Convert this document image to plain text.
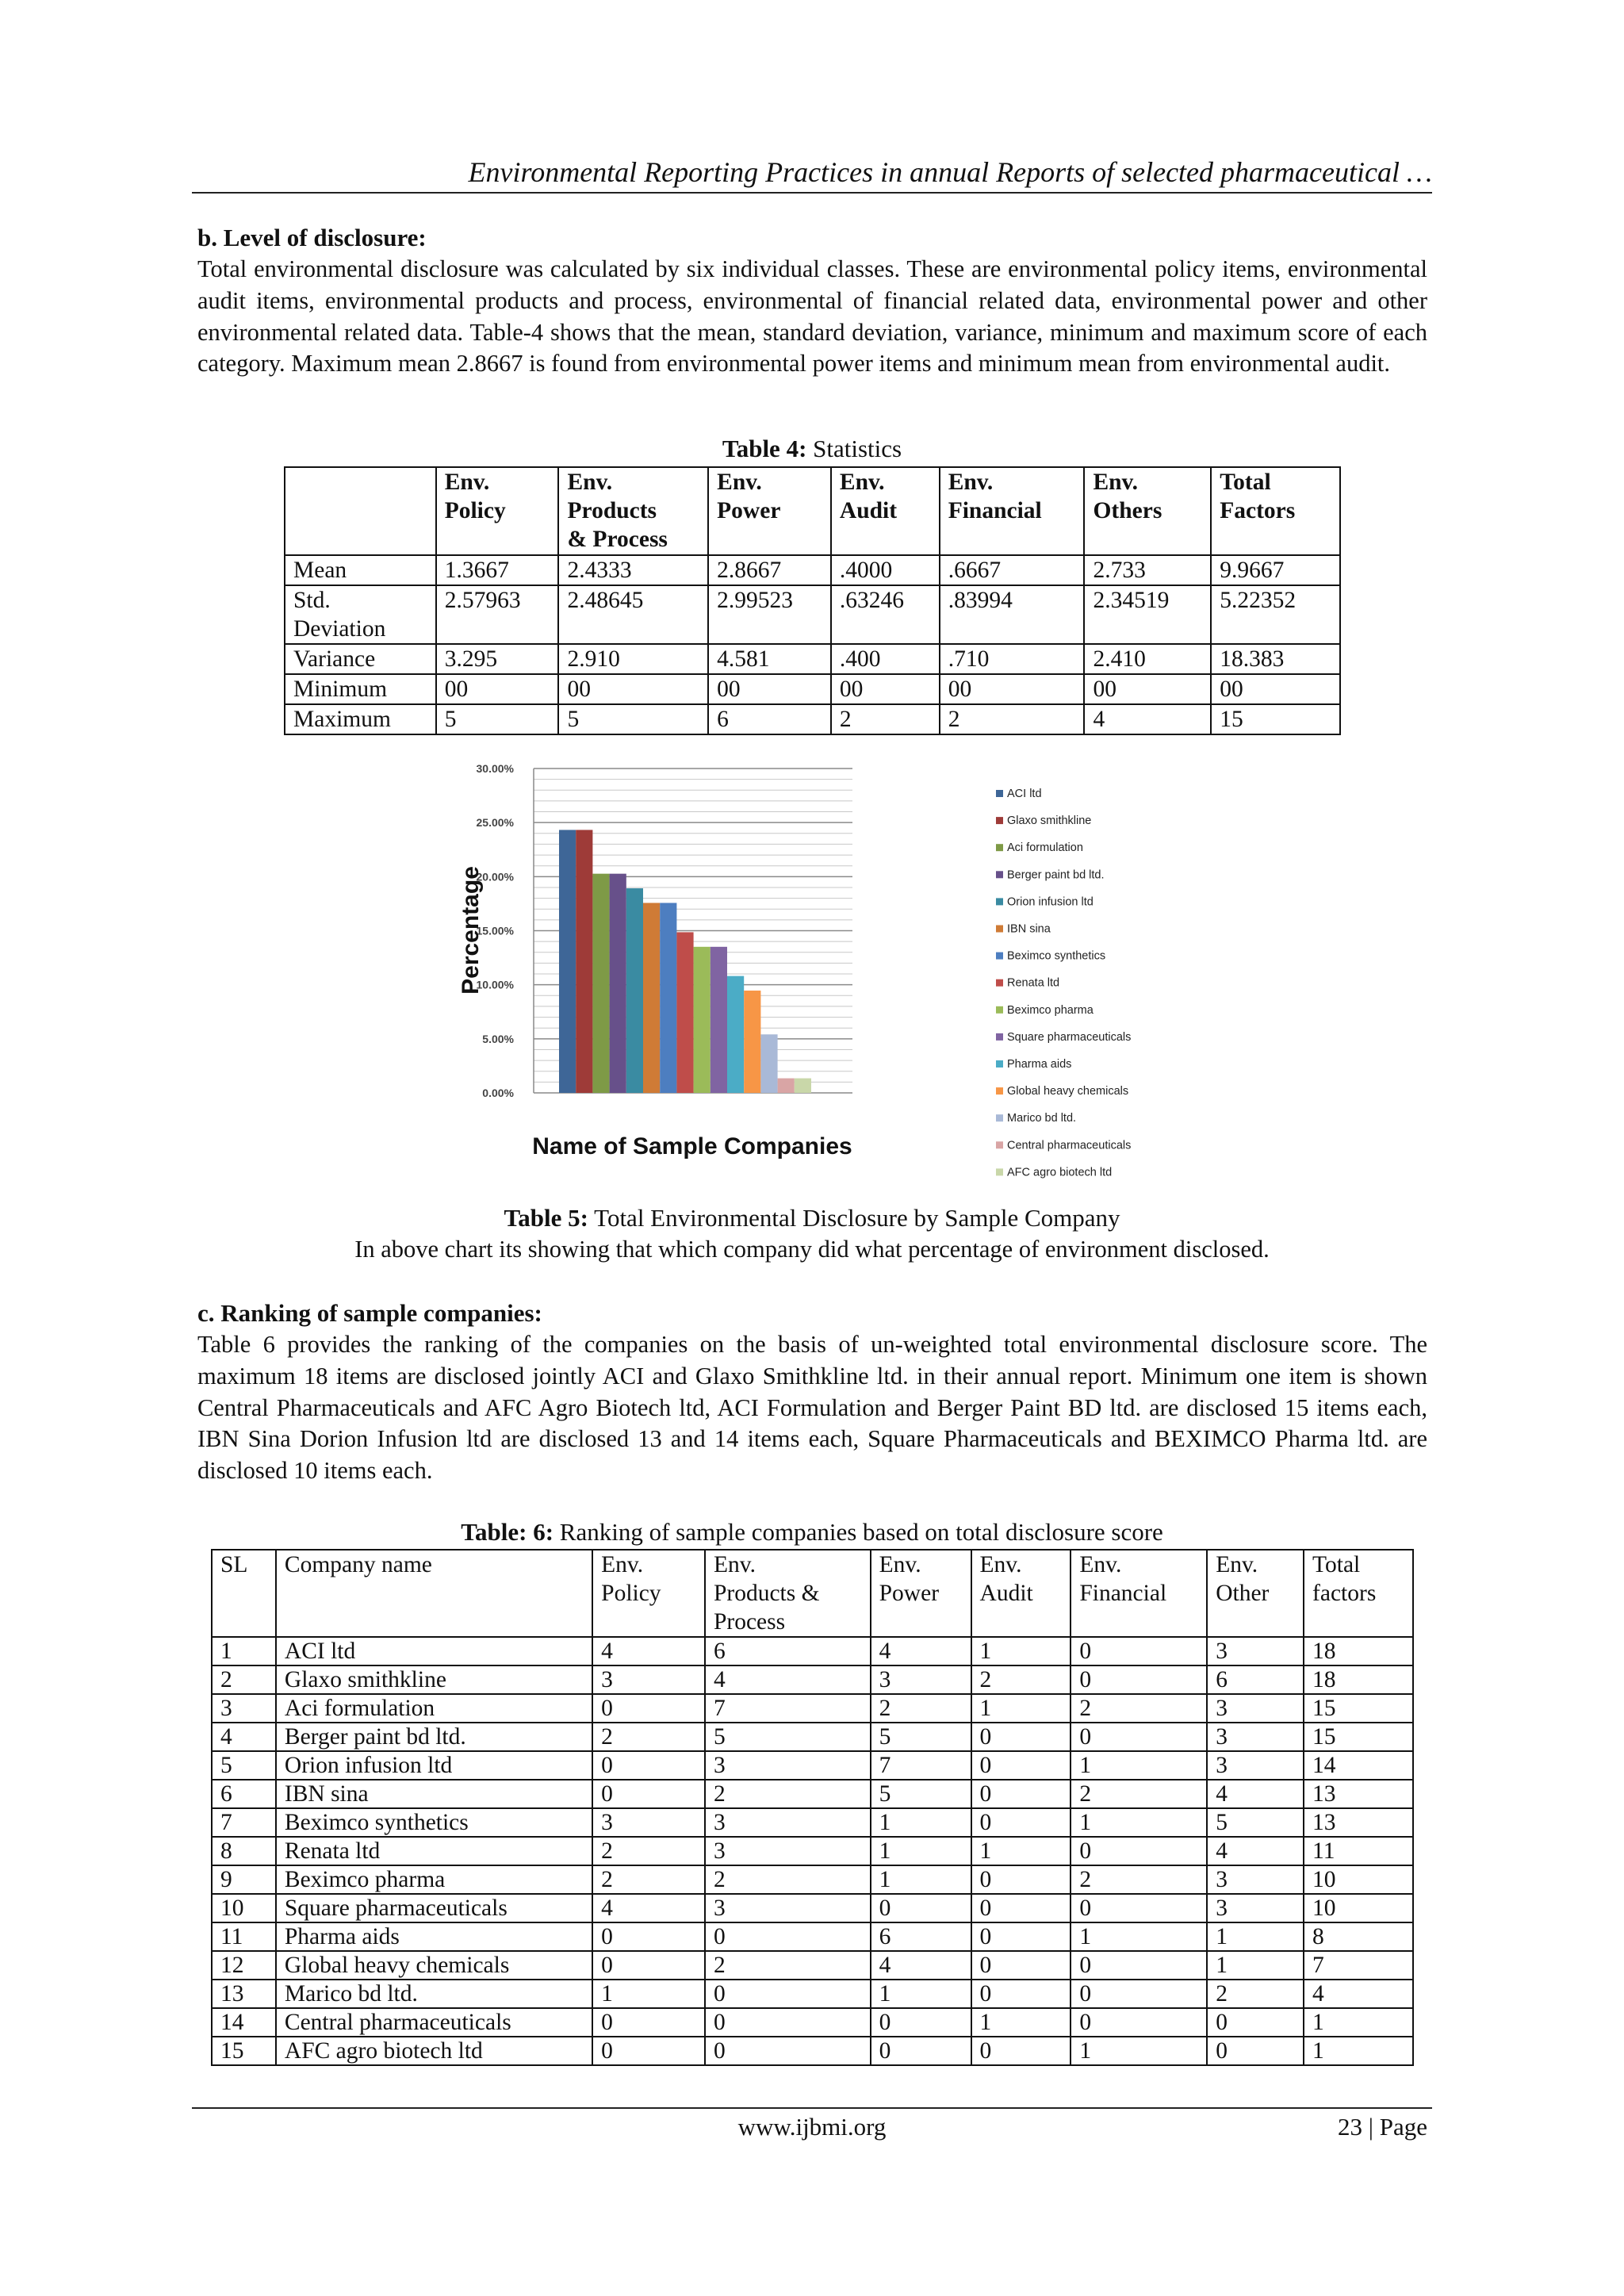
Environmental Reporting Practices in annual Reports of selected pharmaceutical …
b. Level of disclosure:
Total environmental disclosure was calculated by six individual classes. These are environmental policy items, environmental audit items, environmental products and process, environmental of financial related data, environmental power and other environmental related data. Table-4 shows that the mean, standard deviation, variance, minimum and maximum score of each category. Maximum mean 2.8667 is found from environmental power items and minimum mean from environmental audit.
Table 4: Statistics
	Env.
Policy	Env.
Products
& Process	Env.
Power	Env.
Audit	Env.
Financial	Env.
Others	Total
Factors
Mean	1.3667	2.4333	2.8667	.4000	.6667	2.733	9.9667
Std.
Deviation	2.57963	2.48645	2.99523	.63246	.83994	2.34519	5.22352
Variance	3.295	2.910	4.581	.400	.710	2.410	18.383
Minimum	00	00	00	00	00	00	00
Maximum	5	5	6	2	2	4	15
0.00%
5.00%
10.00%
15.00%
20.00%
25.00%
30.00%
ACI ltd
Glaxo smithkline
Aci formulation
Berger paint bd ltd.
Orion infusion ltd
IBN sina
Beximco synthetics
Renata ltd
Beximco pharma
Square pharmaceuticals
Pharma aids
Global heavy chemicals
Marico bd ltd.
Central pharmaceuticals
AFC agro biotech ltd
Percentage
Name of Sample Companies
Table 5: Total Environmental Disclosure by Sample Company
In above chart its showing that which company did what percentage of environment disclosed.
c. Ranking of sample companies:
Table 6 provides the ranking of the companies on the basis of un-weighted total environmental disclosure score. The maximum 18 items are disclosed jointly ACI and Glaxo Smithkline ltd. in their annual report. Minimum one item is shown Central Pharmaceuticals and AFC Agro Biotech ltd, ACI Formulation and Berger Paint BD ltd. are disclosed 15 items each, IBN Sina Dorion Infusion ltd are disclosed 13 and 14 items each, Square Pharmaceuticals and BEXIMCO Pharma ltd. are disclosed 10 items each.
Table: 6: Ranking of sample companies based on total disclosure score
SL	Company name	Env.
Policy	Env.
Products &
Process	Env.
Power	Env.
Audit	Env.
Financial	Env.
Other	Total
factors
1	ACI ltd	4	6	4	1	0	3	18
2	Glaxo smithkline	3	4	3	2	0	6	18
3	Aci formulation	0	7	2	1	2	3	15
4	Berger paint bd ltd.	2	5	5	0	0	3	15
5	Orion infusion ltd	0	3	7	0	1	3	14
6	IBN sina	0	2	5	0	2	4	13
7	Beximco synthetics	3	3	1	0	1	5	13
8	Renata ltd	2	3	1	1	0	4	11
9	Beximco pharma	2	2	1	0	2	3	10
10	Square pharmaceuticals	4	3	0	0	0	3	10
11	Pharma aids	0	0	6	0	1	1	8
12	Global heavy chemicals	0	2	4	0	0	1	7
13	Marico bd ltd.	1	0	1	0	0	2	4
14	Central pharmaceuticals	0	0	0	1	0	0	1
15	AFC agro biotech ltd	0	0	0	0	1	0	1
www.ijbmi.org	23 | Page
